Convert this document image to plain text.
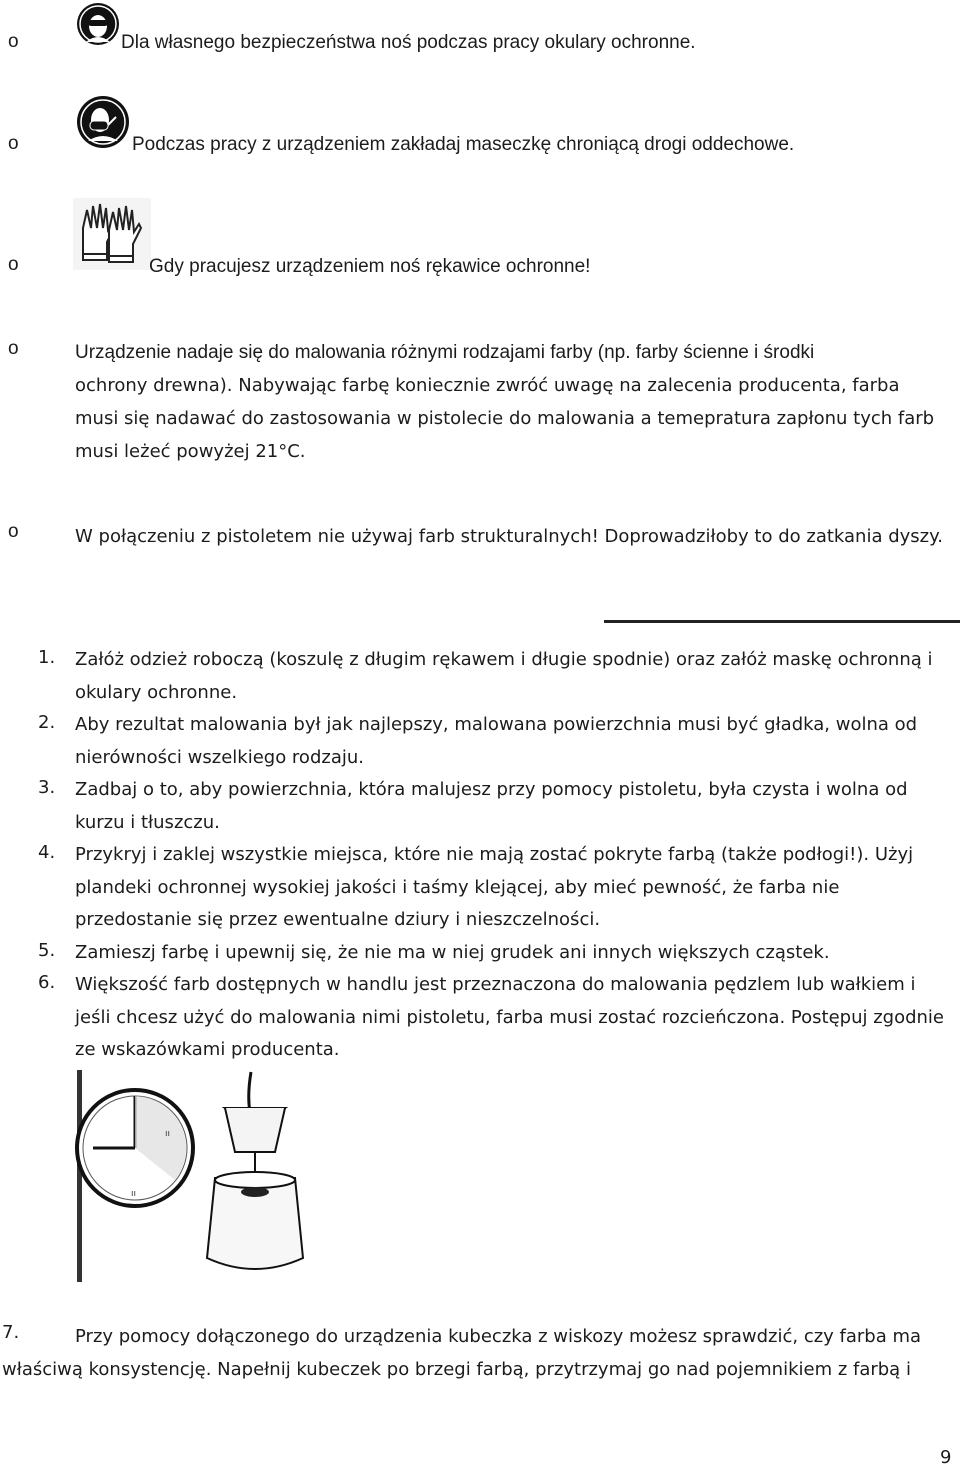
o	Dla własnego bezpieczeństwa noś podczas pracy okulary ochronne.
o	Podczas pracy z urządzeniem zakładaj maseczkę chroniącą drogi oddechowe.
o	Gdy pracujesz urządzeniem noś rękawice ochronne!
o	Urządzenie nadaje się do malowania różnymi rodzajami farby (np. farby ścienne i środki
ochrony drewna). Nabywając farbę koniecznie zwróć uwagę na zalecenia producenta, farba musi się nadawać do zastosowania w pistolecie do malowania a temepratura zapłonu tych farb musi leżeć powyżej 21°C.
o	W połączeniu z pistoletem nie używaj farb strukturalnych! Doprowadziłoby to do zatkania dyszy.
1. Załóż odzież roboczą (koszulę z długim rękawem i długie spodnie) oraz załóż maskę ochronną i okulary ochronne.
2. Aby rezultat malowania był jak najlepszy, malowana powierzchnia musi być gładka, wolna od nierówności wszelkiego rodzaju.
3. Zadbaj o to, aby powierzchnia, która malujesz przy pomocy pistoletu, była czysta i wolna od kurzu i tłuszczu.
4. Przykryj i zaklej wszystkie miejsca, które nie mają zostać pokryte farbą (także podłogi!). Użyj plandeki ochronnej wysokiej jakości i taśmy klejącej, aby mieć pewność, że farba nie przedostanie się przez ewentualne dziury i nieszczelności.
5. Zamieszj farbę i upewnij się, że nie ma w niej grudek ani innych większych cząstek.
6. Większość farb dostępnych w handlu jest przeznaczona do malowania pędzlem lub wałkiem i jeśli chcesz użyć do malowania nimi pistoletu, farba musi zostać rozcieńczona. Postępuj zgodnie ze wskazówkami producenta.
ıı
ıı
7.	Przy pomocy dołączonego do urządzenia kubeczka z wiskozy możesz sprawdzić, czy farba ma
właściwą konsystencję. Napełnij kubeczek po brzegi farbą, przytrzymaj go nad pojemnikiem z farbą i
9
